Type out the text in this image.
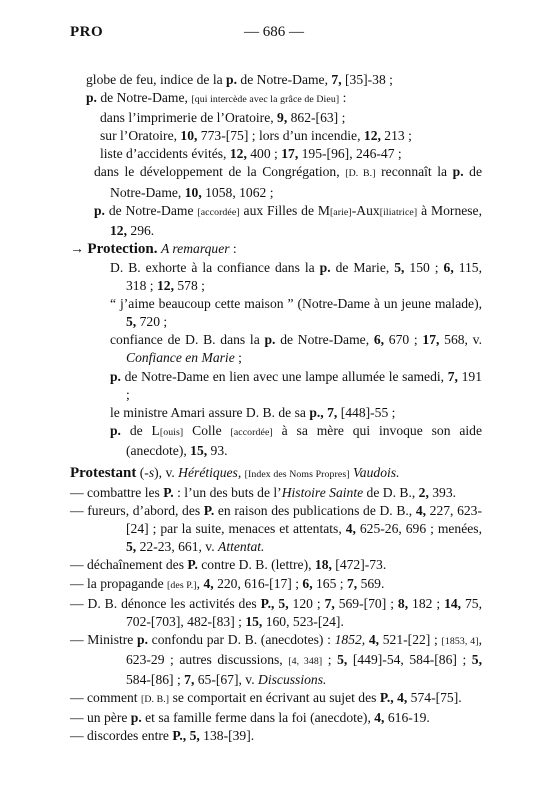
PRO	— 686 —
globe de feu, indice de la p. de Notre-Dame, 7, [35]-38 ;
p. de Notre-Dame, [qui intercède avec la grâce de Dieu] :
dans l’imprimerie de l’Oratoire, 9, 862-[63] ;
sur l’Oratoire, 10, 773-[75] ; lors d’un incendie, 12, 213 ;
liste d’accidents évités, 12, 400 ; 17, 195-[96], 246-47 ;
dans le développement de la Congrégation, [D. B.] reconnaît la p. de Notre-Dame, 10, 1058, 1062 ;
p. de Notre-Dame [accordée] aux Filles de M[arie]-Aux[iliatrice] à Mornese, 12, 296.
→ Protection. A remarquer :
D. B. exhorte à la confiance dans la p. de Marie, 5, 150 ; 6, 115, 318 ; 12, 578 ;
“ j’aime beaucoup cette maison ” (Notre-Dame à un jeune malade), 5, 720 ;
confiance de D. B. dans la p. de Notre-Dame, 6, 670 ; 17, 568, v. Confiance en Marie ;
p. de Notre-Dame en lien avec une lampe allumée le samedi, 7, 191 ;
le ministre Amari assure D. B. de sa p., 7, [448]-55 ;
p. de L[ouis] Colle [accordée] à sa mère qui invoque son aide (anecdote), 15, 93.
Protestant (-s), v. Hérétiques, [Index des Noms Propres] Vaudois.
— combattre les P. : l’un des buts de l’Histoire Sainte de D. B., 2, 393.
— fureurs, d’abord, des P. en raison des publications de D. B., 4, 227, 623-[24] ; par la suite, menaces et attentats, 4, 625-26, 696 ; menées, 5, 22-23, 661, v. Attentat.
— déchaînement des P. contre D. B. (lettre), 18, [472]-73.
— la propagande [des P.], 4, 220, 616-[17] ; 6, 165 ; 7, 569.
— D. B. dénonce les activités des P., 5, 120 ; 7, 569-[70] ; 8, 182 ; 14, 75, 702-[703], 482-[83] ; 15, 160, 523-[24].
— Ministre p. confondu par D. B. (anecdotes) : 1852, 4, 521-[22] ; [1853, 4], 623-29 ; autres discussions, [4, 348] ; 5, [449]-54, 584-[86] ; 5, 584-[86] ; 7, 65-[67], v. Discussions.
— comment [D. B.] se comportait en écrivant au sujet des P., 4, 574-[75].
— un père p. et sa famille ferme dans la foi (anecdote), 4, 616-19.
— discordes entre P., 5, 138-[39].
